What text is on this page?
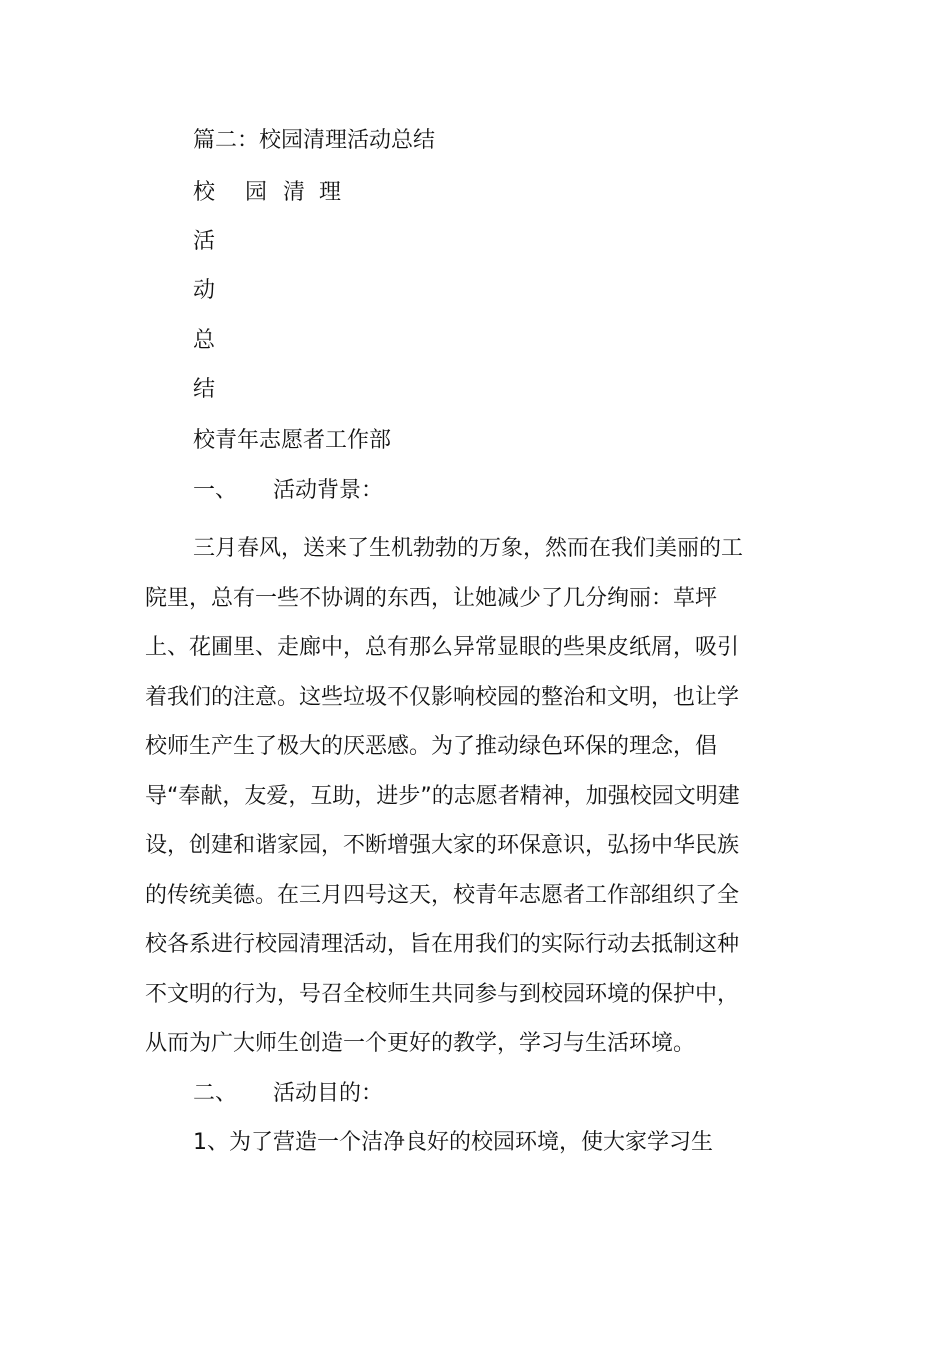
篇二：校园清理活动总结
校 园 清 理
活
动
总
结
校青年志愿者工作部
一、 活动背景：

三月春风，送来了生机勃勃的万象，然而在我们美丽的工院里，总有一些不协调的东西，让她减少了几分绚丽：草坪上、花圃里、走廊中，总有那么异常显眼的些果皮纸屑，吸引着我们的注意。这些垃圾不仅影响校园的整治和文明，也让学校师生产生了极大的厌恶感。为了推动绿色环保的理念，倡导“奉献，友爱，互助，进步”的志愿者精神，加强校园文明建设，创建和谐家园，不断增强大家的环保意识，弘扬中华民族的传统美德。在三月四号这天，校青年志愿者工作部组织了全校各系进行校园清理活动，旨在用我们的实际行动去抵制这种不文明的行为，号召全校师生共同参与到校园环境的保护中，从而为广大师生创造一个更好的教学，学习与生活环境。

二、 活动目的：

1、为了营造一个洁净良好的校园环境，使大家学习生
